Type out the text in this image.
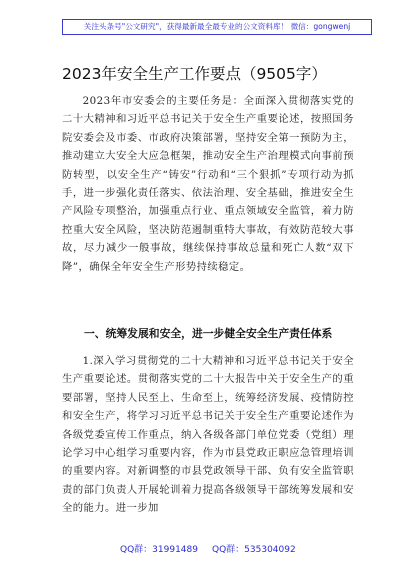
关注头条号"公文研究"，获得最新最全最专业的公文资料库！ 微信：gongwenj
2023年安全生产工作要点（9505字）

2023年市安委会的主要任务是：全面深入贯彻落实党的二十大精神和习近平总书记关于安全生产重要论述，按照国务院安委会及市委、市政府决策部署，坚持安全第一预防为主，推动建立大安全大应急框架，推动安全生产治理模式向事前预防转型，以安全生产“铸安”行动和“三个狠抓”专项行动为抓手，进一步强化责任落实、依法治理、安全基础，推进安全生产风险专项整治，加强重点行业、重点领域安全监管，着力防控重大安全风险，坚决防范遏制重特大事故，有效防范较大事故，尽力减少一般事故，继续保持事故总量和死亡人数“双下降”，确保全年安全生产形势持续稳定。

一、统筹发展和安全，进一步健全安全生产责任体系

1.深入学习贯彻党的二十大精神和习近平总书记关于安全生产重要论述。贯彻落实党的二十大报告中关于安全生产的重要部署，坚持人民至上、生命至上，统筹经济发展、疫情防控和安全生产，将学习习近平总书记关于安全生产重要论述作为各级党委宣传工作重点，纳入各级各部门单位党委（党组）理论学习中心组学习重要内容，作为市县党政正职应急管理培训的重要内容。对新调整的市县党政领导干部、负有安全监管职责的部门负责人开展轮训着力提高各级领导干部统筹发展和安全的能力。进一步加

QQ群：31991489 QQ群：535304092
